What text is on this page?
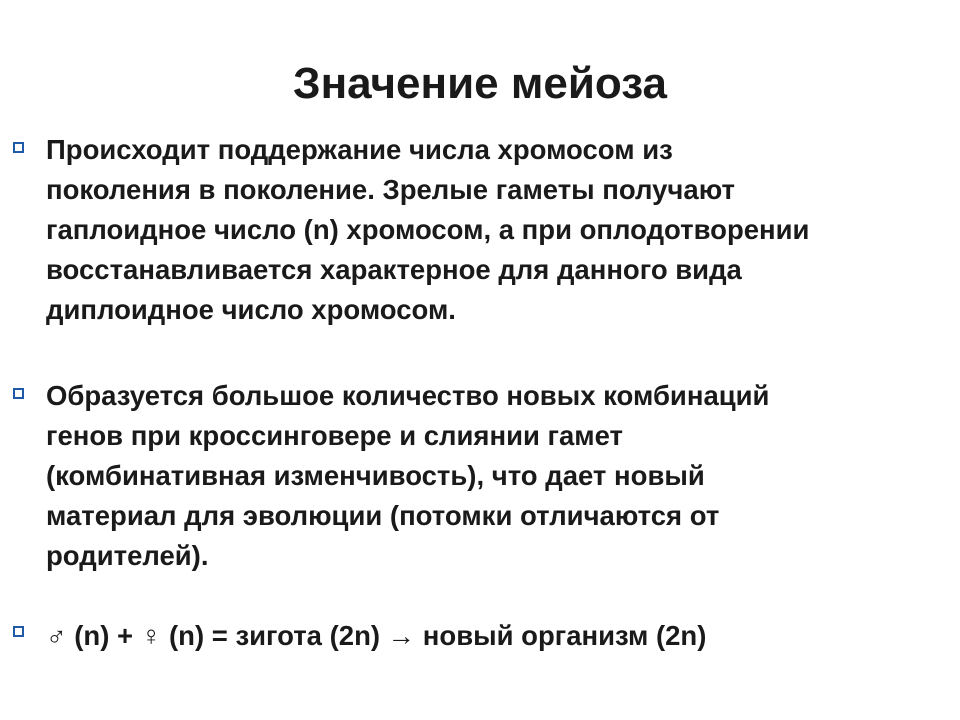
Значение мейоза
Происходит поддержание числа хромосом из
поколения в поколение. Зрелые гаметы получают
гаплоидное число (n) хромосом, а при оплодотворении
восстанавливается характерное для данного вида
диплоидное число хромосом.
Образуется большое количество новых комбинаций
генов при кроссинговере и слиянии гамет
(комбинативная изменчивость), что дает новый
материал для эволюции (потомки отличаются от
родителей).
♂ (n) + ♀ (n) = зигота (2n) → новый организм (2n)
